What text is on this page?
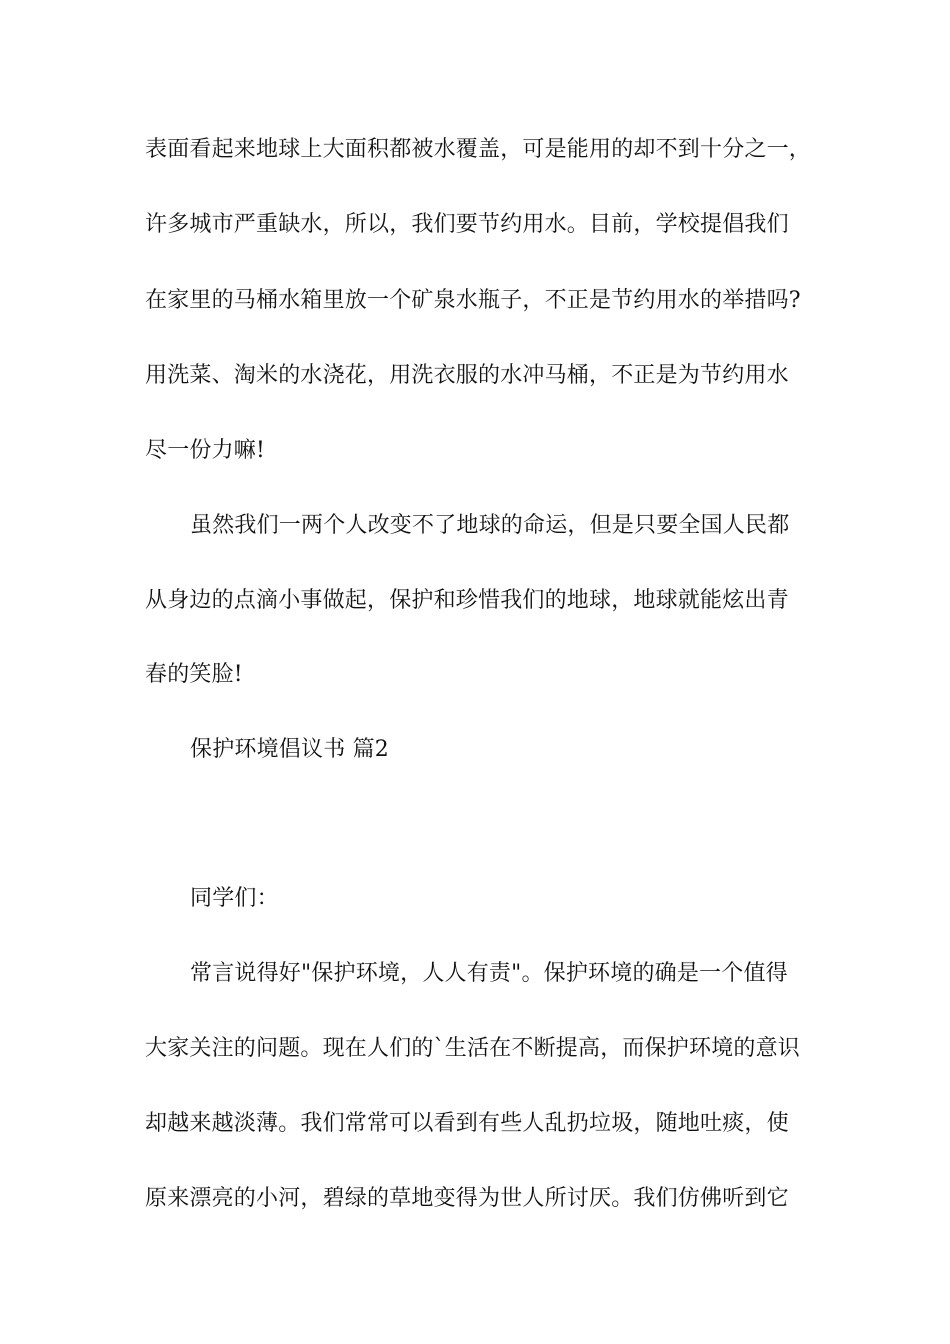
表面看起来地球上大面积都被水覆盖，可是能用的却不到十分之一，
许多城市严重缺水，所以，我们要节约用水。目前，学校提倡我们
在家里的马桶水箱里放一个矿泉水瓶子，不正是节约用水的举措吗?
用洗菜、淘米的水浇花，用洗衣服的水冲马桶，不正是为节约用水
尽一份力嘛!
虽然我们一两个人改变不了地球的命运，但是只要全国人民都
从身边的点滴小事做起，保护和珍惜我们的地球，地球就能炫出青
春的笑脸!
保护环境倡议书 篇2
同学们：
常言说得好"保护环境，人人有责"。保护环境的确是一个值得
大家关注的问题。现在人们的`生活在不断提高，而保护环境的意识
却越来越淡薄。我们常常可以看到有些人乱扔垃圾，随地吐痰，使
原来漂亮的小河，碧绿的草地变得为世人所讨厌。我们仿佛听到它
